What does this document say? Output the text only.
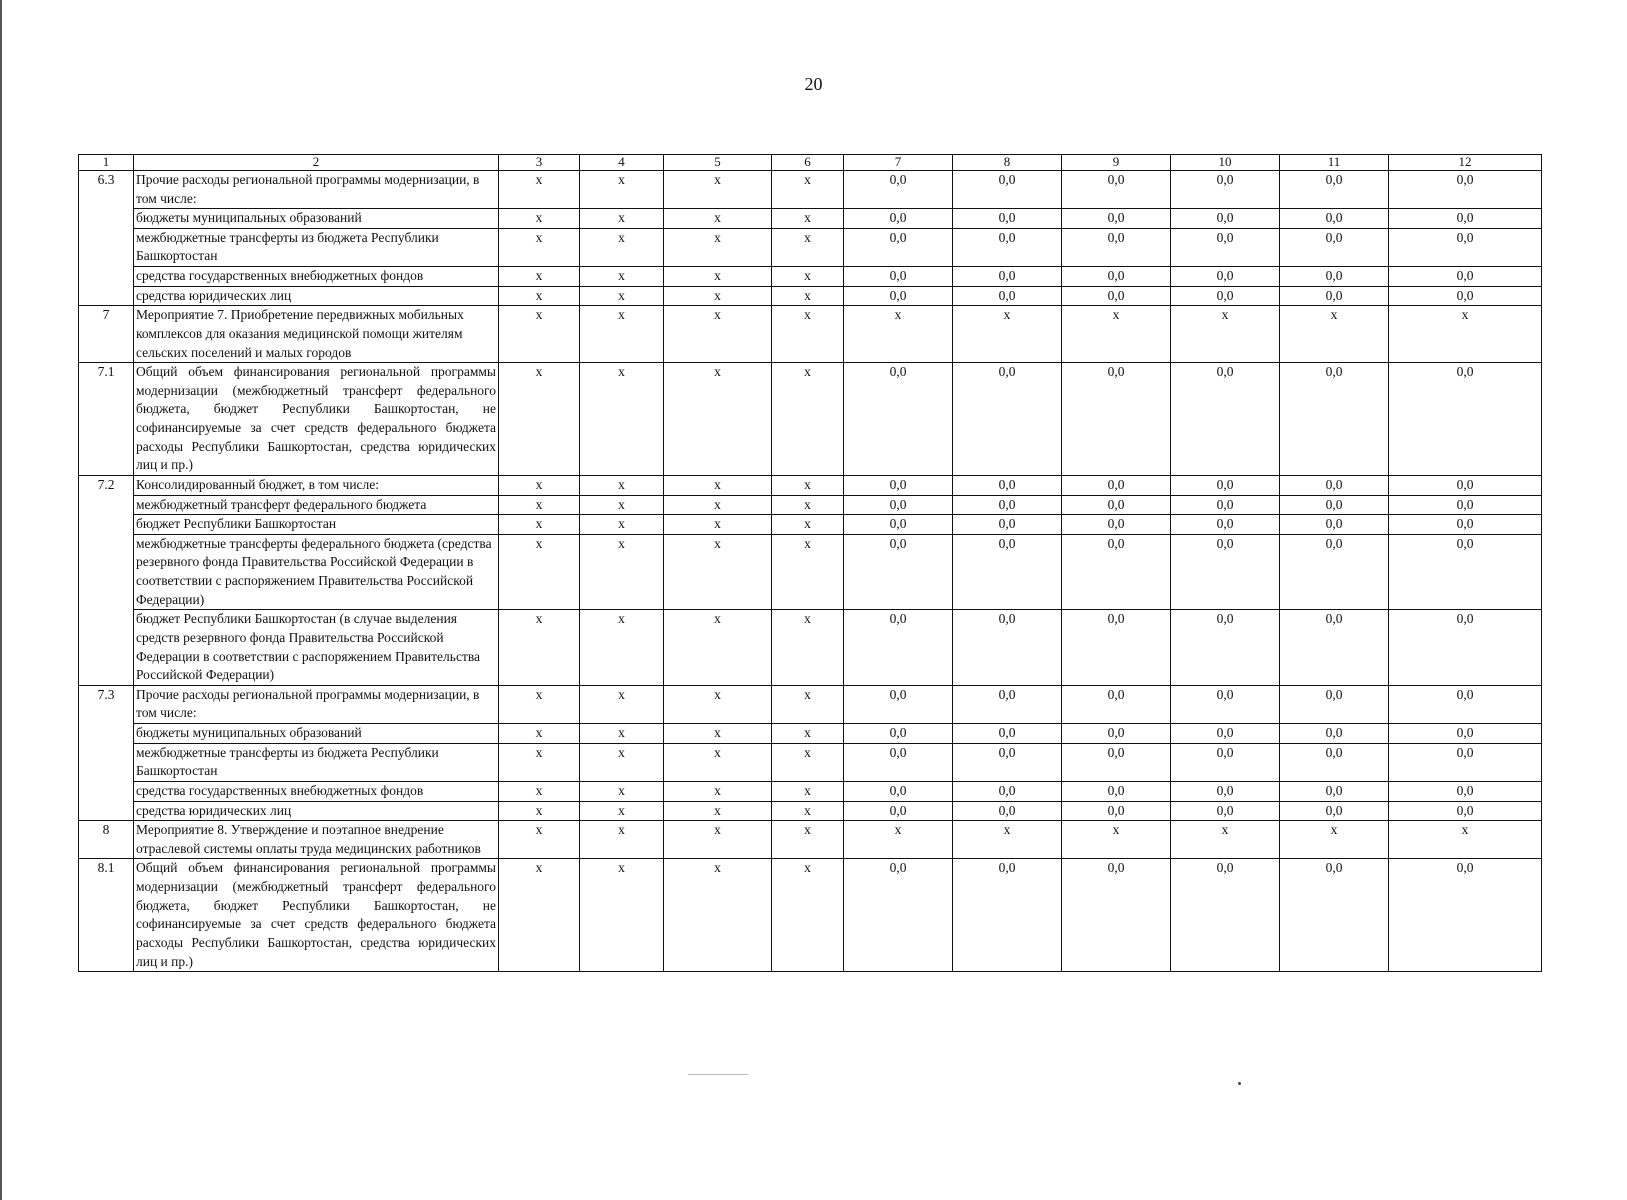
20
1	2	3	4	5	6	7	8	9	10	11	12
6.3	Прочие расходы региональной программы модернизации, в том числе:	х	х	х	х	0,0	0,0	0,0	0,0	0,0	0,0
	бюджеты муниципальных образований	х	х	х	х	0,0	0,0	0,0	0,0	0,0	0,0
	межбюджетные трансферты из бюджета Республики Башкортостан	х	х	х	х	0,0	0,0	0,0	0,0	0,0	0,0
	средства государственных внебюджетных фондов	х	х	х	х	0,0	0,0	0,0	0,0	0,0	0,0
	средства юридических лиц	х	х	х	х	0,0	0,0	0,0	0,0	0,0	0,0
7	Мероприятие 7. Приобретение передвижных мобильных комплексов для оказания медицинской помощи жителям сельских поселений и малых городов	х	х	х	х	х	х	х	х	х	х
7.1	Общий объем финансирования региональной программы модернизации (межбюджетный трансферт федерального бюджета, бюджет Республики Башкортостан, не софинансируемые за счет средств федерального бюджета расходы Республики Башкортостан, средства юридических лиц и пр.)	х	х	х	х	0,0	0,0	0,0	0,0	0,0	0,0
7.2	Консолидированный бюджет, в том числе:	х	х	х	х	0,0	0,0	0,0	0,0	0,0	0,0
	межбюджетный трансферт федерального бюджета	х	х	х	х	0,0	0,0	0,0	0,0	0,0	0,0
	бюджет Республики Башкортостан	х	х	х	х	0,0	0,0	0,0	0,0	0,0	0,0
	межбюджетные трансферты федерального бюджета (средства резервного фонда Правительства Российской Федерации в соответствии с распоряжением Правительства Российской Федерации)	х	х	х	х	0,0	0,0	0,0	0,0	0,0	0,0
	бюджет Республики Башкортостан (в случае выделения средств резервного фонда Правительства Российской Федерации в соответствии с распоряжением Правительства Российской Федерации)	х	х	х	х	0,0	0,0	0,0	0,0	0,0	0,0
7.3	Прочие расходы региональной программы модернизации, в том числе:	х	х	х	х	0,0	0,0	0,0	0,0	0,0	0,0
	бюджеты муниципальных образований	х	х	х	х	0,0	0,0	0,0	0,0	0,0	0,0
	межбюджетные трансферты из бюджета Республики Башкортостан	х	х	х	х	0,0	0,0	0,0	0,0	0,0	0,0
	средства государственных внебюджетных фондов	х	х	х	х	0,0	0,0	0,0	0,0	0,0	0,0
	средства юридических лиц	х	х	х	х	0,0	0,0	0,0	0,0	0,0	0,0
8	Мероприятие 8. Утверждение и поэтапное внедрение отраслевой системы оплаты труда медицинских работников	х	х	х	х	х	х	х	х	х	х
8.1	Общий объем финансирования региональной программы модернизации (межбюджетный трансферт федерального бюджета, бюджет Республики Башкортостан, не софинансируемые за счет средств федерального бюджета расходы Республики Башкортостан, средства юридических лиц и пр.)	х	х	х	х	0,0	0,0	0,0	0,0	0,0	0,0
